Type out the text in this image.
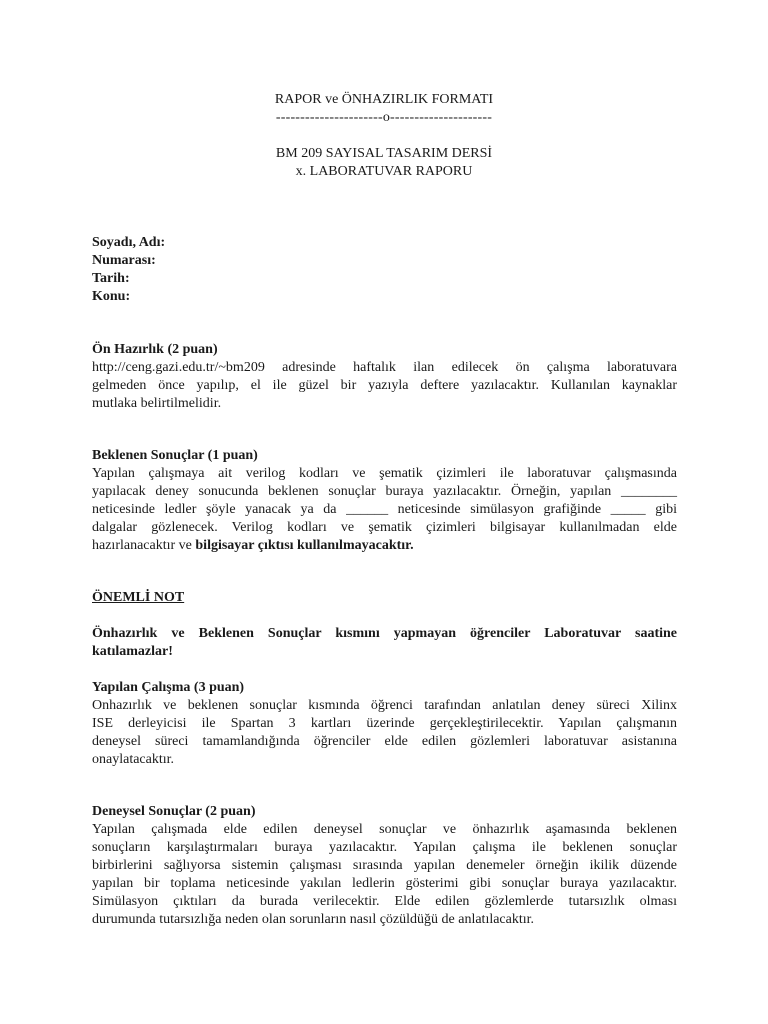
RAPOR ve ÖNHAZIRLIK FORMATI
----------------------o---------------------
BM 209 SAYISAL TASARIM DERSİ
x. LABORATUVAR RAPORU
Soyadı, Adı:
Numarası:
Tarih:
Konu:
Ön Hazırlık (2 puan)
http://ceng.gazi.edu.tr/~bm209 adresinde haftalık ilan edilecek ön çalışma laboratuvara
gelmeden önce yapılıp, el ile güzel bir yazıyla deftere yazılacaktır. Kullanılan kaynaklar
mutlaka belirtilmelidir.
Beklenen Sonuçlar (1 puan)
Yapılan çalışmaya ait verilog kodları ve şematik çizimleri ile laboratuvar çalışmasında
yapılacak deney sonucunda beklenen sonuçlar buraya yazılacaktır. Örneğin, yapılan ________
neticesinde ledler şöyle yanacak ya da ______ neticesinde simülasyon grafiğinde _____ gibi
dalgalar gözlenecek. Verilog kodları ve şematik çizimleri bilgisayar kullanılmadan elde
hazırlanacaktır ve bilgisayar çıktısı kullanılmayacaktır.
ÖNEMLİ NOT
Önhazırlık ve Beklenen Sonuçlar kısmını yapmayan öğrenciler Laboratuvar saatine
katılamazlar!
Yapılan Çalışma (3 puan)
Onhazırlık ve beklenen sonuçlar kısmında öğrenci tarafından anlatılan deney süreci Xilinx
ISE derleyicisi ile Spartan 3 kartları üzerinde gerçekleştirilecektir. Yapılan çalışmanın
deneysel süreci tamamlandığında öğrenciler elde edilen gözlemleri laboratuvar asistanına
onaylatacaktır.
Deneysel Sonuçlar (2 puan)
Yapılan çalışmada elde edilen deneysel sonuçlar ve önhazırlık aşamasında beklenen
sonuçların karşılaştırmaları buraya yazılacaktır. Yapılan çalışma ile beklenen sonuçlar
birbirlerini sağlıyorsa sistemin çalışması sırasında yapılan denemeler örneğin ikilik düzende
yapılan bir toplama neticesinde yakılan ledlerin gösterimi gibi sonuçlar buraya yazılacaktır.
Simülasyon çıktıları da burada verilecektir. Elde edilen gözlemlerde tutarsızlık olması
durumunda tutarsızlığa neden olan sorunların nasıl çözüldüğü de anlatılacaktır.
